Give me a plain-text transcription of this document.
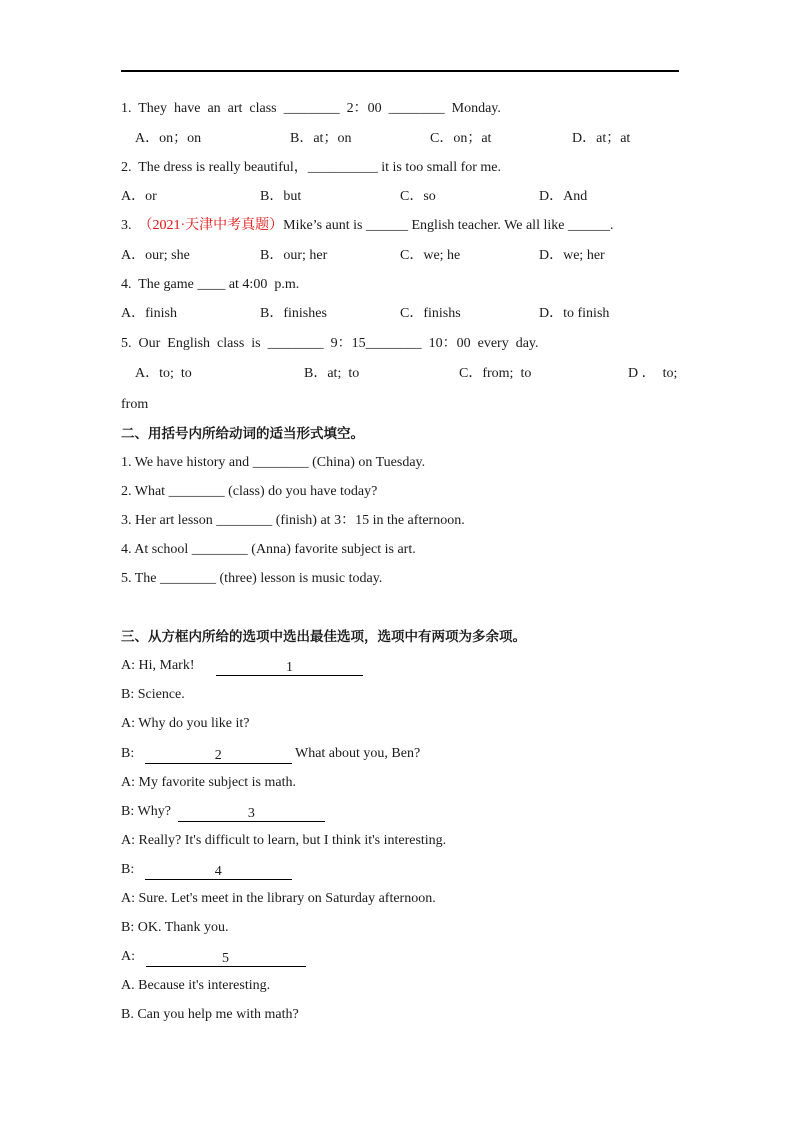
1.  They  have  an  art  class  ________  2：00  ________  Monday.
A．on；on	B．at；on	C．on；at	D．at；at
2.  The dress is really beautiful，__________ it is too small for me.
A．or	B．but	C．so	D．And
3.  （2021·天津中考真题）Mike’s aunt is ______ English teacher. We all like ______.
A．our; she	B．our; her	C．we; he	D．we; her
4.  The game ____ at 4:00  p.m.
A．finish	B．finishes	C．finishs	D．to finish
5.  Our  English  class  is  ________  9：15________  10：00  every  day.
A．to;  to	B．at;  to	C．from;  to	D ．  to;
from
二、用括号内所给动词的适当形式填空。
1. We have history and ________ (China) on Tuesday.
2. What ________ (class) do you have today?
3. Her art lesson ________ (finish) at 3：15 in the afternoon.
4. At school ________ (Anna) favorite subject is art.
5. The ________ (three) lesson is music today.
三、从方框内所给的选项中选出最佳选项，选项中有两项为多余项。
A: Hi, Mark!	1
B: Science.
A: Why do you like it?
B:	2	What about you, Ben?
A: My favorite subject is math.
B: Why?	3
A: Really? It's difficult to learn, but I think it's interesting.
B:	4
A: Sure. Let's meet in the library on Saturday afternoon.
B: OK. Thank you.
A:	5
A. Because it's interesting.
B. Can you help me with math?
